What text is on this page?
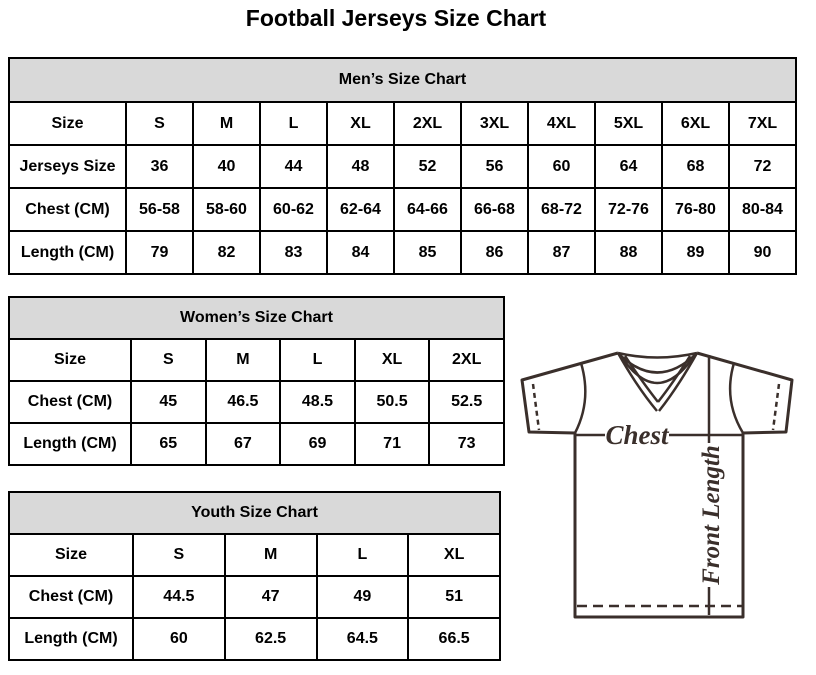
Football Jerseys Size Chart
Men’s Size Chart										
Size	S	M	L	XL	2XL	3XL	4XL	5XL	6XL	7XL
Jerseys Size	36	40	44	48	52	56	60	64	68	72
Chest (CM)	56-58	58-60	60-62	62-64	64-66	66-68	68-72	72-76	76-80	80-84
Length (CM)	79	82	83	84	85	86	87	88	89	90
Women’s Size Chart					
Size	S	M	L	XL	2XL
Chest (CM)	45	46.5	48.5	50.5	52.5
Length (CM)	65	67	69	71	73
Youth Size Chart				
Size	S	M	L	XL
Chest (CM)	44.5	47	49	51
Length (CM)	60	62.5	64.5	66.5
Chest
Front Length
